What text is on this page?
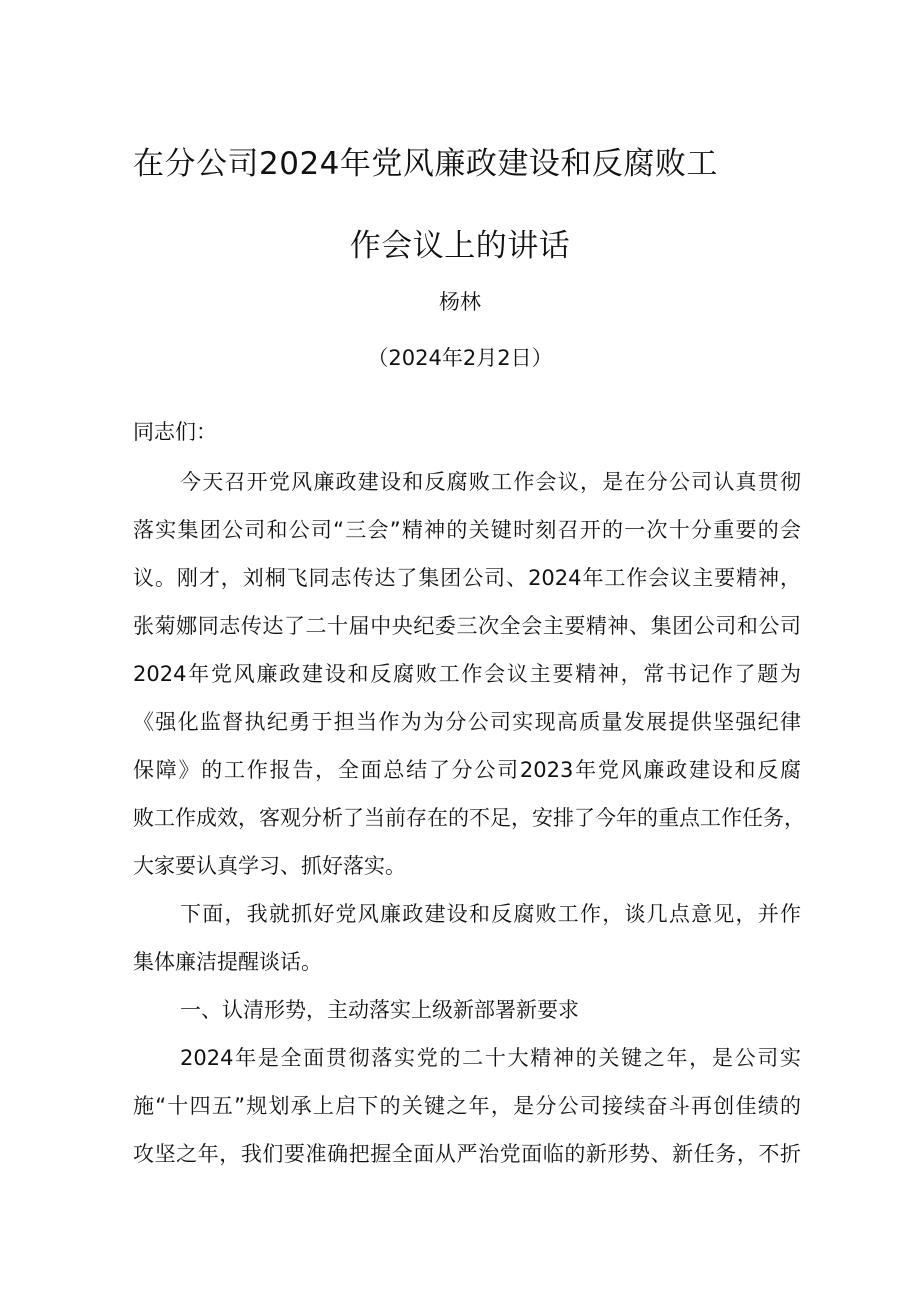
在分公司2024年党风廉政建设和反腐败工
作会议上的讲话
杨林
（2024年2月2日）
同志们：
今天召开党风廉政建设和反腐败工作会议，是在分公司认真贯彻
落实集团公司和公司“三会”精神的关键时刻召开的一次十分重要的会
议。刚才，刘桐飞同志传达了集团公司、2024年工作会议主要精神，
张菊娜同志传达了二十届中央纪委三次全会主要精神、集团公司和公司
2024年党风廉政建设和反腐败工作会议主要精神，常书记作了题为
《强化监督执纪勇于担当作为为分公司实现高质量发展提供坚强纪律
保障》的工作报告，全面总结了分公司2023年党风廉政建设和反腐
败工作成效，客观分析了当前存在的不足，安排了今年的重点工作任务，
大家要认真学习、抓好落实。
下面，我就抓好党风廉政建设和反腐败工作，谈几点意见，并作
集体廉洁提醒谈话。
一、认清形势，主动落实上级新部署新要求
2024年是全面贯彻落实党的二十大精神的关键之年，是公司实
施“十四五”规划承上启下的关键之年，是分公司接续奋斗再创佳绩的
攻坚之年，我们要准确把握全面从严治党面临的新形势、新任务，不折
